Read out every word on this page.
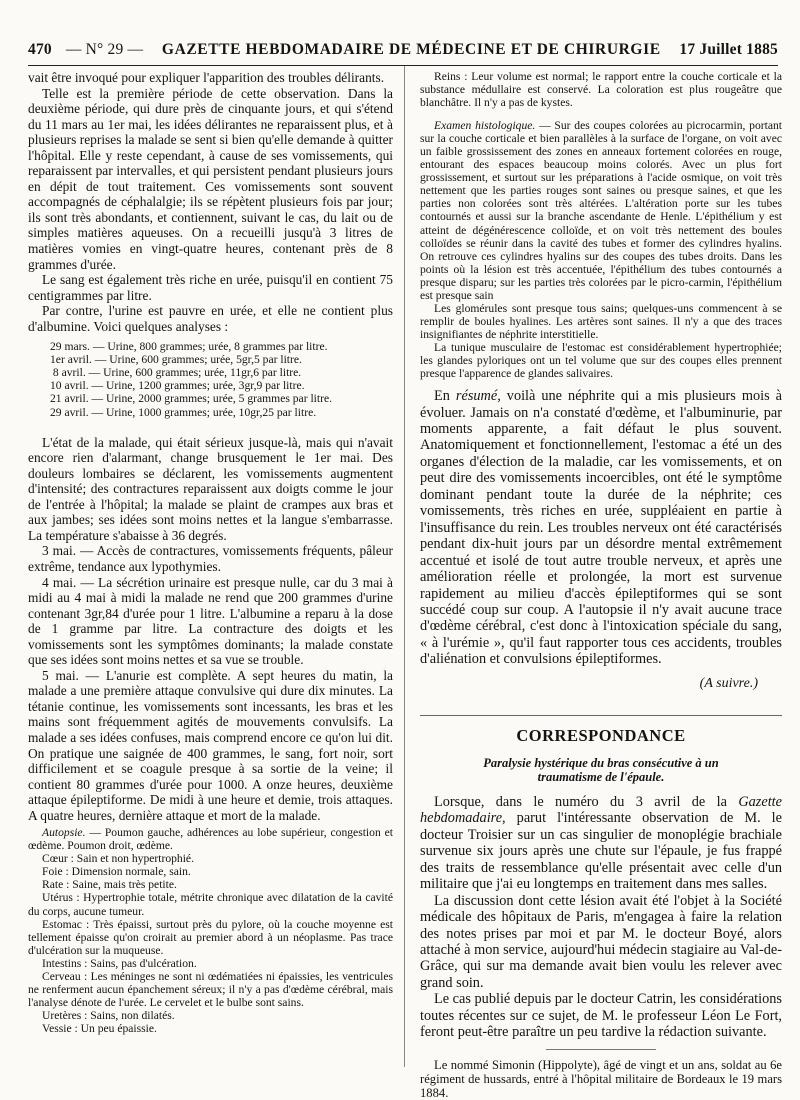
470 — N° 29 —	GAZETTE HEBDOMADAIRE DE MÉDECINE ET DE CHIRURGIE	17 Juillet 1885

vait être invoqué pour expliquer l'apparition des troubles délirants.

Telle est la première période de cette observation. Dans la deuxième période, qui dure près de cinquante jours, et qui s'étend du 11 mars au 1er mai, les idées délirantes ne reparaissent plus, et à plusieurs reprises la malade se sent si bien qu'elle demande à quitter l'hôpital. Elle y reste cependant, à cause de ses vomissements, qui reparaissent par intervalles, et qui persistent pendant plusieurs jours en dépit de tout traitement. Ces vomissements sont souvent accompagnés de céphalalgie; ils se répètent plusieurs fois par jour; ils sont très abondants, et contiennent, suivant le cas, du lait ou de simples matières aqueuses. On a recueilli jusqu'à 3 litres de matières vomies en vingt-quatre heures, contenant près de 8 grammes d'urée.

Le sang est également très riche en urée, puisqu'il en contient 75 centigrammes par litre.

Par contre, l'urine est pauvre en urée, et elle ne contient plus d'albumine. Voici quelques analyses :

29 mars. — Urine, 800 grammes; urée, 8 grammes par litre.
1er avril. — Urine, 600 grammes; urée, 5gr,5 par litre.
8 avril. — Urine, 600 grammes; urée, 11gr,6 par litre.
10 avril. — Urine, 1200 grammes; urée, 3gr,9 par litre.
21 avril. — Urine, 2000 grammes; urée, 5 grammes par litre.
29 avril. — Urine, 1000 grammes; urée, 10gr,25 par litre.

L'état de la malade, qui était sérieux jusque-là, mais qui n'avait encore rien d'alarmant, change brusquement le 1er mai. Des douleurs lombaires se déclarent, les vomissements augmentent d'intensité; des contractures reparaissent aux doigts comme le jour de l'entrée à l'hôpital; la malade se plaint de crampes aux bras et aux jambes; ses idées sont moins nettes et la langue s'embarrasse. La température s'abaisse à 36 degrés.

3 mai. — Accès de contractures, vomissements fréquents, pâleur extrême, tendance aux lypothymies.

4 mai. — La sécrétion urinaire est presque nulle, car du 3 mai à midi au 4 mai à midi la malade ne rend que 200 grammes d'urine contenant 3gr,84 d'urée pour 1 litre. L'albumine a reparu à la dose de 1 gramme par litre. La contracture des doigts et les vomissements sont les symptômes dominants; la malade constate que ses idées sont moins nettes et sa vue se trouble.

5 mai. — L'anurie est complète. A sept heures du matin, la malade a une première attaque convulsive qui dure dix minutes. La tétanie continue, les vomissements sont incessants, les bras et les mains sont fréquemment agités de mouvements convulsifs. La malade a ses idées confuses, mais comprend encore ce qu'on lui dit. On pratique une saignée de 400 grammes, le sang, fort noir, sort difficilement et se coagule presque à sa sortie de la veine; il contient 80 grammes d'urée pour 1000. A onze heures, deuxième attaque épileptiforme. De midi à une heure et demie, trois attaques. A quatre heures, dernière attaque et mort de la malade.

Autopsie. — Poumon gauche, adhérences au lobe supérieur, congestion et œdème. Poumon droit, œdème.

Cœur : Sain et non hypertrophié.

Foie : Dimension normale, sain.

Rate : Saine, mais très petite.

Utérus : Hypertrophie totale, métrite chronique avec dilatation de la cavité du corps, aucune tumeur.

Estomac : Très épaissi, surtout près du pylore, où la couche moyenne est tellement épaisse qu'on croirait au premier abord à un néoplasme. Pas trace d'ulcération sur la muqueuse.

Intestins : Sains, pas d'ulcération.

Cerveau : Les méninges ne sont ni œdématiées ni épaissies, les ventricules ne renferment aucun épanchement séreux; il n'y a pas d'œdème cérébral, mais l'analyse dénote de l'urée. Le cervelet et le bulbe sont sains.

Uretères : Sains, non dilatés.

Vessie : Un peu épaissie.

Reins : Leur volume est normal; le rapport entre la couche corticale et la substance médullaire est conservé. La coloration est plus rougeâtre que blanchâtre. Il n'y a pas de kystes.

Examen histologique. — Sur des coupes colorées au picrocarmin, portant sur la couche corticale et bien parallèles à la surface de l'organe, on voit avec un faible grossissement des zones en anneaux fortement colorées en rouge, entourant des espaces beaucoup moins colorés. Avec un plus fort grossissement, et surtout sur les préparations à l'acide osmique, on voit très nettement que les parties rouges sont saines ou presque saines, et que les parties non colorées sont très altérées. L'altération porte sur les tubes contournés et aussi sur la branche ascendante de Henle. L'épithélium y est atteint de dégénérescence colloïde, et on voit très nettement des boules colloïdes se réunir dans la cavité des tubes et former des cylindres hyalins. On retrouve ces cylindres hyalins sur des coupes des tubes droits. Dans les points où la lésion est très accentuée, l'épithélium des tubes contournés a presque disparu; sur les parties très colorées par le picro-carmin, l'épithélium est presque sain

Les glomérules sont presque tous sains; quelques-uns commencent à se remplir de boules hyalines. Les artères sont saines. Il n'y a que des traces insignifiantes de néphrite interstitielle.

La tunique musculaire de l'estomac est considérablement hypertrophiée; les glandes pyloriques ont un tel volume que sur des coupes elles prennent presque l'apparence de glandes salivaires.

En résumé, voilà une néphrite qui a mis plusieurs mois à évoluer. Jamais on n'a constaté d'œdème, et l'albuminurie, par moments apparente, a fait défaut le plus souvent. Anatomiquement et fonctionnellement, l'estomac a été un des organes d'élection de la maladie, car les vomissements, et on peut dire des vomissements incoercibles, ont été le symptôme dominant pendant toute la durée de la néphrite; ces vomissements, très riches en urée, suppléaient en partie à l'insuffisance du rein. Les troubles nerveux ont été caractérisés pendant dix-huit jours par un désordre mental extrêmement accentué et isolé de tout autre trouble nerveux, et après une amélioration réelle et prolongée, la mort est survenue rapidement au milieu d'accès épileptiformes qui se sont succédé coup sur coup. A l'autopsie il n'y avait aucune trace d'œdème cérébral, c'est donc à l'intoxication spéciale du sang, « à l'urémie », qu'il faut rapporter tous ces accidents, troubles d'aliénation et convulsions épileptiformes.

(A suivre.)
CORRESPONDANCE
Paralysie hystérique du bras consécutive à un
traumatisme de l'épaule.

Lorsque, dans le numéro du 3 avril de la Gazette hebdomadaire, parut l'intéressante observation de M. le docteur Troisier sur un cas singulier de monoplégie brachiale survenue six jours après une chute sur l'épaule, je fus frappé des traits de ressemblance qu'elle présentait avec celle d'un militaire que j'ai eu longtemps en traitement dans mes salles.

La discussion dont cette lésion avait été l'objet à la Société médicale des hôpitaux de Paris, m'engagea à faire la relation des notes prises par moi et par M. le docteur Boyé, alors attaché à mon service, aujourd'hui médecin stagiaire au Val-de-Grâce, qui sur ma demande avait bien voulu les relever avec grand soin.

Le cas publié depuis par le docteur Catrin, les considérations toutes récentes sur ce sujet, de M. le professeur Léon Le Fort, feront peut-être paraître un peu tardive la rédaction suivante.

Le nommé Simonin (Hippolyte), âgé de vingt et un ans, soldat au 6e régiment de hussards, entré à l'hôpital militaire de Bordeaux le 19 mars 1884.
